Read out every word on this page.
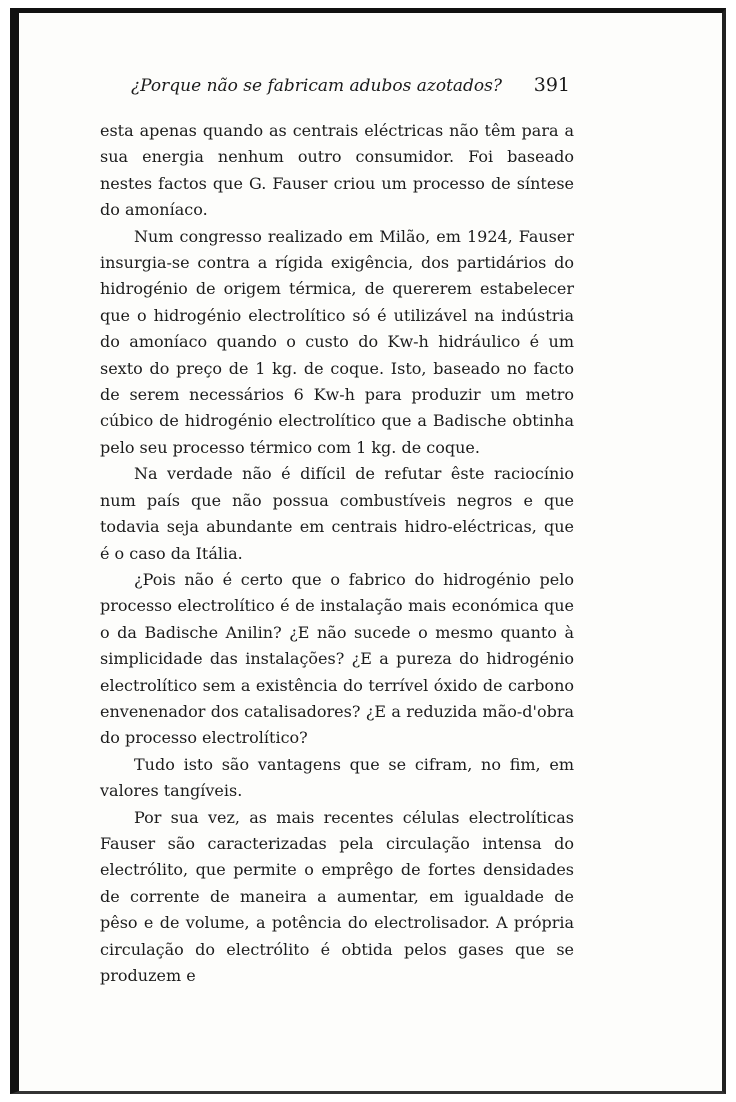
¿Porque não se fabricam adubos azotados? 391

esta apenas quando as centrais eléctricas não têm para a sua energia nenhum outro consumidor. Foi baseado nestes factos que G. Fauser criou um processo de síntese do amoníaco.

Num congresso realizado em Milão, em 1924, Fauser insurgia-se contra a rígida exigência, dos partidários do hidrogénio de origem térmica, de quererem estabelecer que o hidrogénio electrolítico só é utilizável na indústria do amoníaco quando o custo do Kw-h hidráulico é um sexto do preço de 1 kg. de coque. Isto, baseado no facto de serem necessários 6 Kw-h para produzir um metro cúbico de hidrogénio electrolítico que a Badische obtinha pelo seu processo térmico com 1 kg. de coque.

Na verdade não é difícil de refutar êste raciocínio num país que não possua combustíveis negros e que todavia seja abundante em centrais hidro-eléctricas, que é o caso da Itália.

¿Pois não é certo que o fabrico do hidrogénio pelo processo electrolítico é de instalação mais económica que o da Badische Anilin? ¿E não sucede o mesmo quanto à simplicidade das instalações? ¿E a pureza do hidrogénio electrolítico sem a existência do terrível óxido de carbono envenenador dos catalisadores? ¿E a reduzida mão-d'obra do processo electrolítico?

Tudo isto são vantagens que se cifram, no fim, em valores tangíveis.

Por sua vez, as mais recentes células electrolíticas Fauser são caracterizadas pela circulação intensa do electrólito, que permite o emprêgo de fortes densidades de corrente de maneira a aumentar, em igualdade de pêso e de volume, a potência do electrolisador. A própria circulação do electrólito é obtida pelos gases que se produzem e
